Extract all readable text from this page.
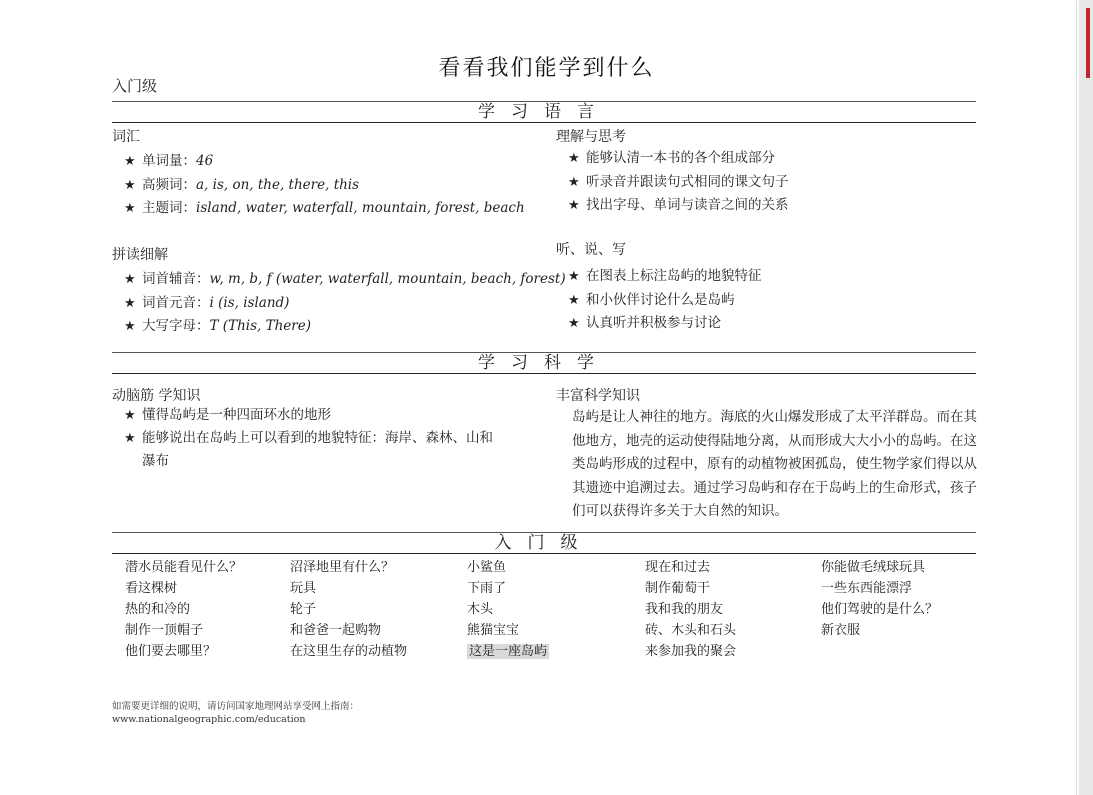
看看我们能学到什么
入门级
学习语言
词汇
★ 单词量：46
★ 高频词：a, is, on, the, there, this
★ 主题词：island, water, waterfall, mountain, forest, beach
拼读细解
★ 词首辅音：w, m, b, f (water, waterfall, mountain, beach, forest)
★ 词首元音：i (is, island)
★ 大写字母：T (This, There)
理解与思考
★ 能够认清一本书的各个组成部分
★ 听录音并跟读句式相同的课文句子
★ 找出字母、单词与读音之间的关系
听、说、写
★ 在图表上标注岛屿的地貌特征
★ 和小伙伴讨论什么是岛屿
★ 认真听并积极参与讨论
学习科学
动脑筋 学知识
★ 懂得岛屿是一种四面环水的地形
★ 能够说出在岛屿上可以看到的地貌特征：海岸、森林、山和
瀑布
丰富科学知识
岛屿是让人神往的地方。海底的火山爆发形成了太平洋群岛。而在其他地方，地壳的运动使得陆地分离，从而形成大大小小的岛屿。在这类岛屿形成的过程中，原有的动植物被困孤岛，使生物学家们得以从其遗迹中追溯过去。通过学习岛屿和存在于岛屿上的生命形式，孩子们可以获得许多关于大自然的知识。
入门级
潜水员能看见什么？
看这棵树
热的和冷的
制作一顶帽子
他们要去哪里？
沼泽地里有什么？
玩具
轮子
和爸爸一起购物
在这里生存的动植物
小鲨鱼
下雨了
木头
熊猫宝宝
这是一座岛屿
现在和过去
制作葡萄干
我和我的朋友
砖、木头和石头
来参加我的聚会
你能做毛绒球玩具
一些东西能漂浮
他们驾驶的是什么？
新衣服
如需要更详细的说明，请访问国家地理网站享受网上指南：
www.nationalgeographic.com/education
